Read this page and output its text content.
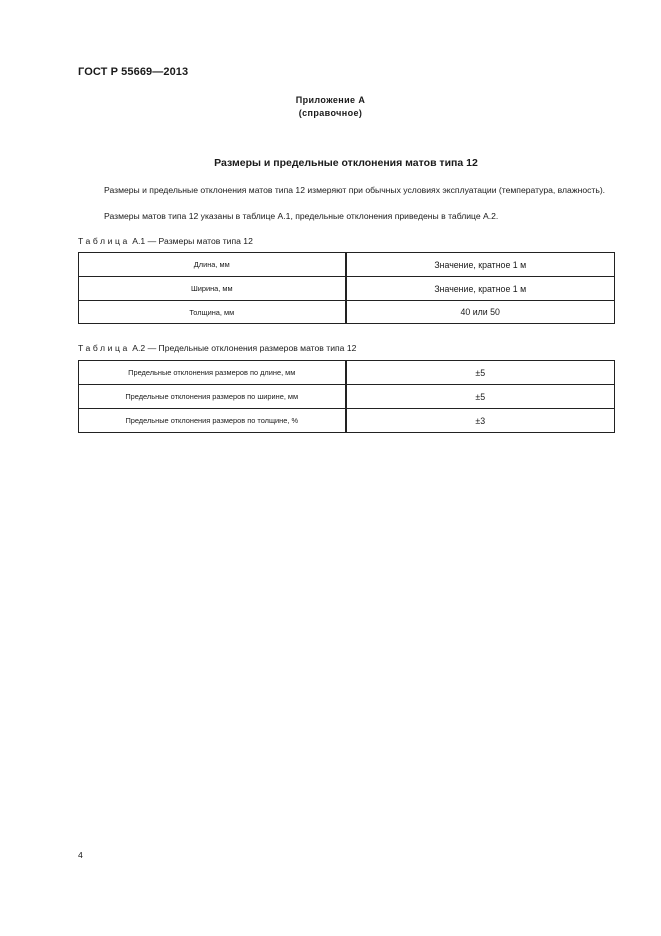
ГОСТ Р 55669—2013
Приложение А
(справочное)
Размеры и предельные отклонения матов типа 12
Размеры и предельные отклонения матов типа 12 измеряют при обычных условиях эксплуатации (температура, влажность).
Размеры матов типа 12 указаны в таблице А.1, предельные отклонения приведены в таблице А.2.
Таблица А.1 — Размеры матов типа 12
Длина, мм	Значение, кратное 1 м
Ширина, мм	Значение, кратное 1 м
Толщина, мм	40 или 50
Таблица А.2 — Предельные отклонения размеров матов типа 12
Предельные отклонения размеров по длине, мм	±5
Предельные отклонения размеров по ширине, мм	±5
Предельные отклонения размеров по толщине, %	±3
4
